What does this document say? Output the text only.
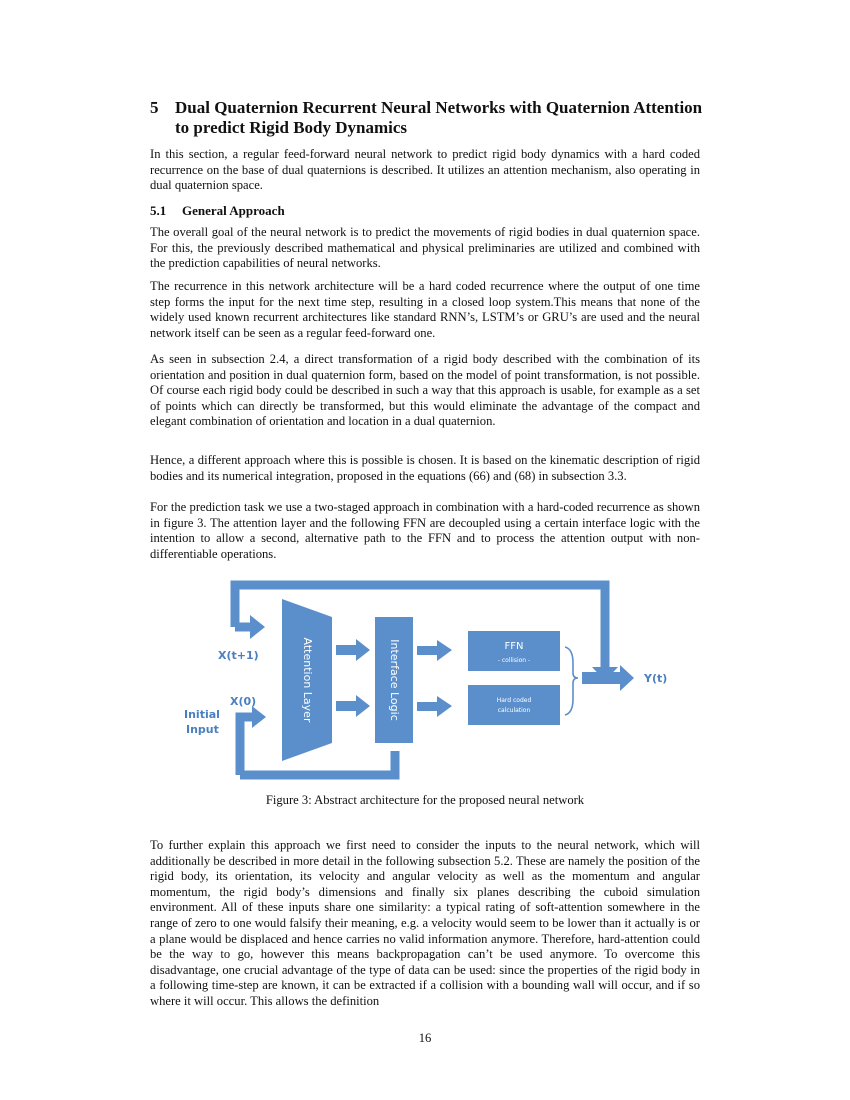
5 Dual Quaternion Recurrent Neural Networks with Quaternion Attention to predict Rigid Body Dynamics

In this section, a regular feed-forward neural network to predict rigid body dynamics with a hard coded recurrence on the base of dual quaternions is described. It utilizes an attention mechanism, also operating in dual quaternion space.

5.1 General Approach

The overall goal of the neural network is to predict the movements of rigid bodies in dual quaternion space. For this, the previously described mathematical and physical preliminaries are utilized and combined with the prediction capabilities of neural networks.

The recurrence in this network architecture will be a hard coded recurrence where the output of one time step forms the input for the next time step, resulting in a closed loop system.This means that none of the widely used known recurrent architectures like standard RNN’s, LSTM’s or GRU’s are used and the neural network itself can be seen as a regular feed-forward one.

As seen in subsection 2.4, a direct transformation of a rigid body described with the combination of its orientation and position in dual quaternion form, based on the model of point transformation, is not possible. Of course each rigid body could be described in such a way that this approach is usable, for example as a set of points which can directly be transformed, but this would eliminate the advantage of the compact and elegant combination of orientation and location in a dual quaternion.

Hence, a different approach where this is possible is chosen. It is based on the kinematic description of rigid bodies and its numerical integration, proposed in the equations (66) and (68) in subsection 3.3.

For the prediction task we use a two-staged approach in combination with a hard-coded recurrence as shown in figure 3. The attention layer and the following FFN are decoupled using a certain interface logic with the intention to allow a second, alternative path to the FFN and to process the attention output with non-differentiable operations.

Attention Layer	Interface Logic	FFN
- collision -
Hard coded
calculation
X(t+1)
X(0)
Initial
Input
Y(t)
Figure 3: Abstract architecture for the proposed neural network

To further explain this approach we first need to consider the inputs to the neural network, which will additionally be described in more detail in the following subsection 5.2. These are namely the position of the rigid body, its orientation, its velocity and angular velocity as well as the momentum and angular momentum, the rigid body’s dimensions and finally six planes describing the cuboid simulation environment. All of these inputs share one similarity: a typical rating of soft-attention somewhere in the range of zero to one would falsify their meaning, e.g. a velocity would seem to be lower than it actually is or a plane would be displaced and hence carries no valid information anymore. Therefore, hard-attention could be the way to go, however this means backpropagation can’t be used anymore. To overcome this disadvantage, one crucial advantage of the type of data can be used: since the properties of the rigid body in a following time-step are known, it can be extracted if a collision with a bounding wall will occur, and if so where it will occur. This allows the definition

16
